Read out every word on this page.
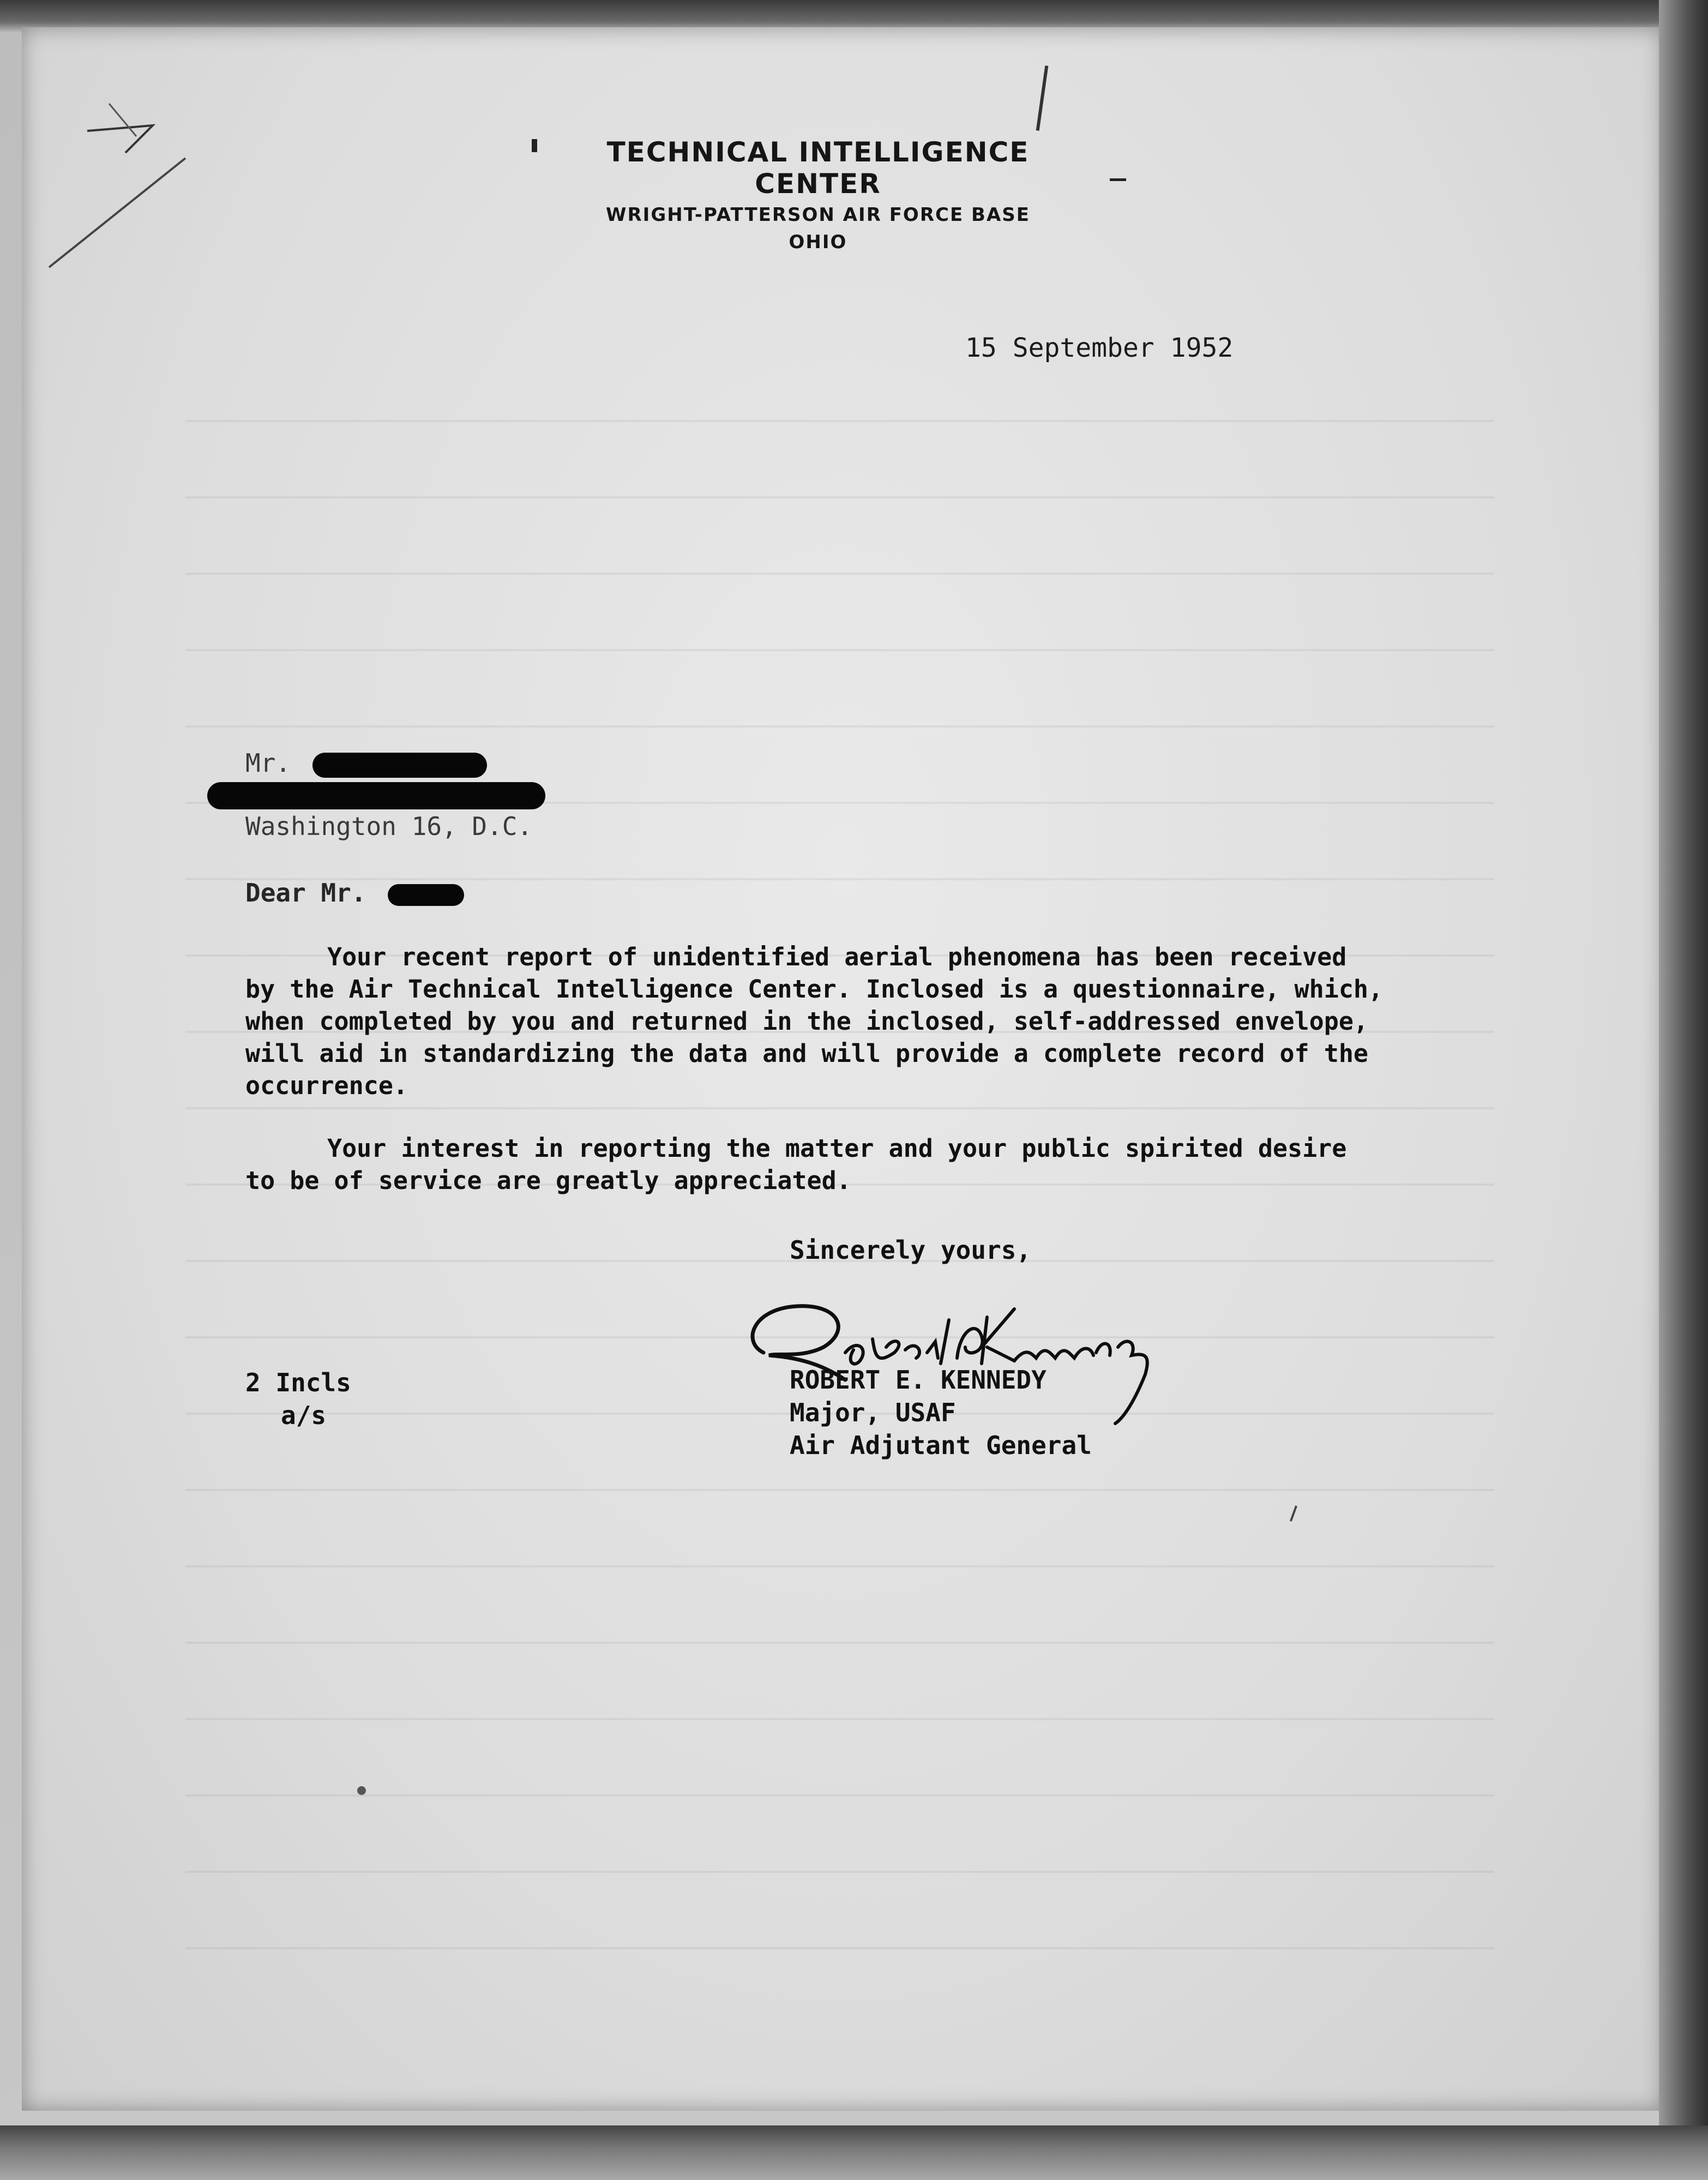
TECHNICAL INTELLIGENCE CENTER
WRIGHT-PATTERSON AIR FORCE BASE
OHIO
15 September 1952
Mr.
Washington 16, D.C.
Dear Mr.

Your recent report of unidentified aerial phenomena has been received by the Air Technical Intelligence Center. Inclosed is a questionnaire, which, when completed by you and returned in the inclosed, self-addressed envelope, will aid in standardizing the data and will provide a complete record of the occurrence.

Your interest in reporting the matter and your public spirited desire to be of service are greatly appreciated.

Sincerely yours,
Robert E. Kennedy
ROBERT E. KENNEDY
Major, USAF
Air Adjutant General
2 Incls
a/s
